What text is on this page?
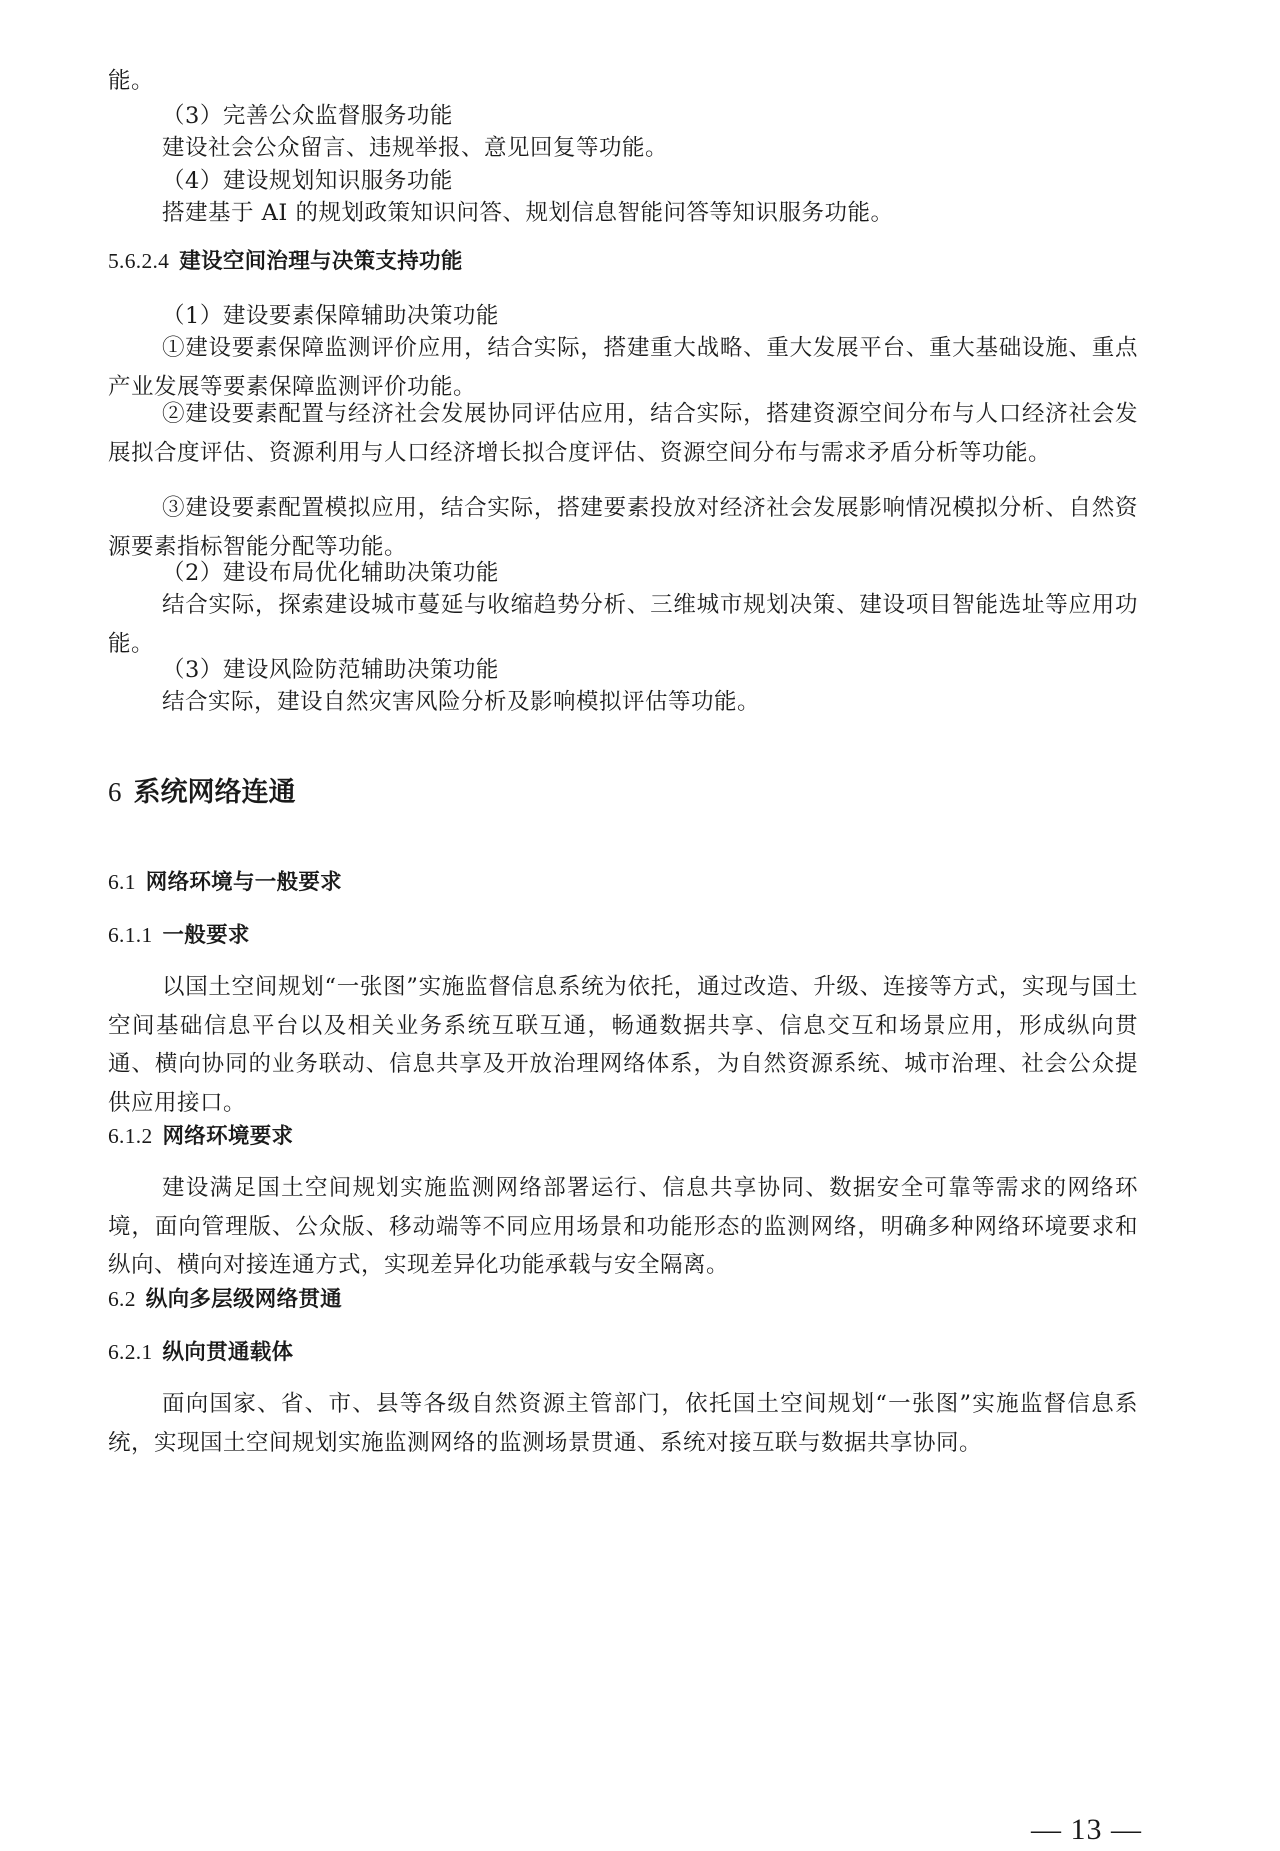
能。

（3）完善公众监督服务功能

建设社会公众留言、违规举报、意见回复等功能。

（4）建设规划知识服务功能

搭建基于 AI 的规划政策知识问答、规划信息智能问答等知识服务功能。

5.6.2.4 建设空间治理与决策支持功能

（1）建设要素保障辅助决策功能

①建设要素保障监测评价应用，结合实际，搭建重大战略、重大发展平台、重大基础设施、重点产业发展等要素保障监测评价功能。

②建设要素配置与经济社会发展协同评估应用，结合实际，搭建资源空间分布与人口经济社会发展拟合度评估、资源利用与人口经济增长拟合度评估、资源空间分布与需求矛盾分析等功能。

③建设要素配置模拟应用，结合实际，搭建要素投放对经济社会发展影响情况模拟分析、自然资源要素指标智能分配等功能。

（2）建设布局优化辅助决策功能

结合实际，探索建设城市蔓延与收缩趋势分析、三维城市规划决策、建设项目智能选址等应用功能。

（3）建设风险防范辅助决策功能

结合实际，建设自然灾害风险分析及影响模拟评估等功能。

6 系统网络连通
6.1 网络环境与一般要求
6.1.1 一般要求

以国土空间规划“一张图”实施监督信息系统为依托，通过改造、升级、连接等方式，实现与国土空间基础信息平台以及相关业务系统互联互通，畅通数据共享、信息交互和场景应用，形成纵向贯通、横向协同的业务联动、信息共享及开放治理网络体系，为自然资源系统、城市治理、社会公众提供应用接口。

6.1.2 网络环境要求

建设满足国土空间规划实施监测网络部署运行、信息共享协同、数据安全可靠等需求的网络环境，面向管理版、公众版、移动端等不同应用场景和功能形态的监测网络，明确多种网络环境要求和纵向、横向对接连通方式，实现差异化功能承载与安全隔离。

6.2 纵向多层级网络贯通
6.2.1 纵向贯通载体

面向国家、省、市、县等各级自然资源主管部门，依托国土空间规划“一张图”实施监督信息系统，实现国土空间规划实施监测网络的监测场景贯通、系统对接互联与数据共享协同。

— 13 —
